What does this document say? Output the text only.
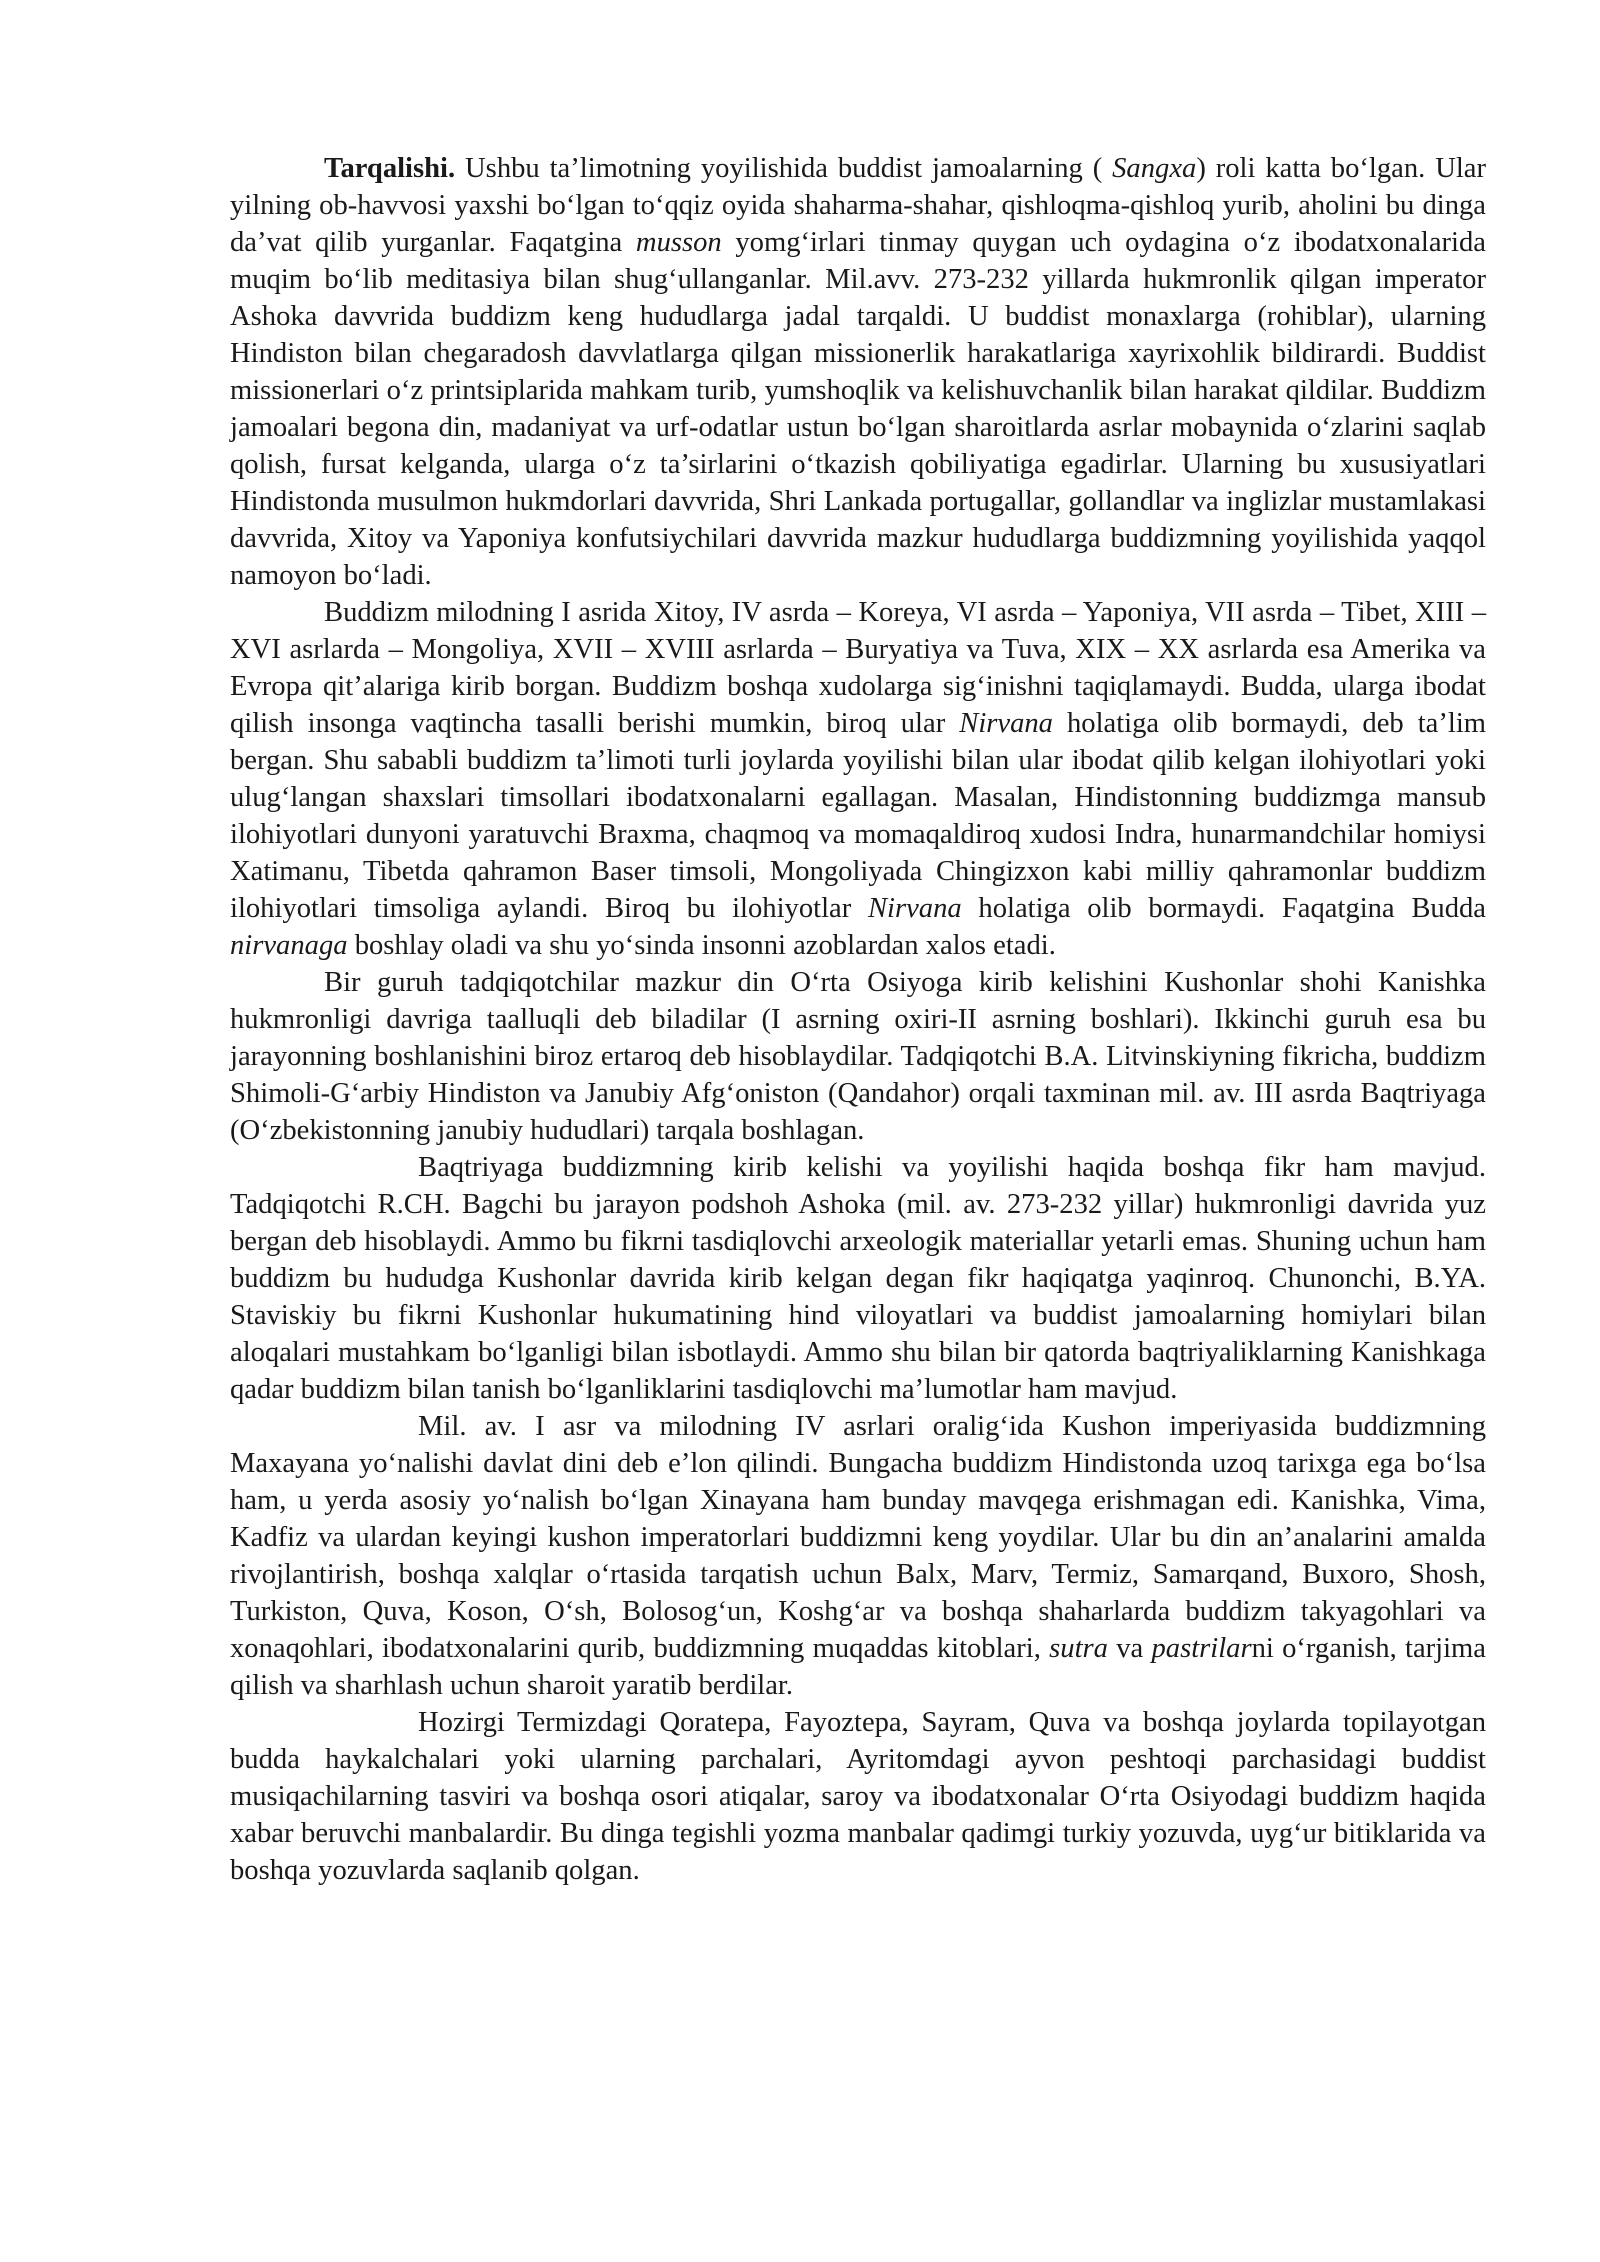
Tarqalishi. Ushbu ta’limotning yoyilishida buddist jamoalarning ( Sangxa) roli katta bo‘lgan. Ular yilning ob-havvosi yaxshi bo‘lgan to‘qqiz oyida shaharma-shahar, qishloqma-qishloq yurib, aholini bu dinga da’vat qilib yurganlar. Faqatgina musson yomg‘irlari tinmay quygan uch oydagina o‘z ibodatxonalarida muqim bo‘lib meditasiya bilan shug‘ullanganlar. Mil.avv. 273-232 yillarda hukmronlik qilgan imperator Ashoka davvrida buddizm keng hududlarga jadal tarqaldi. U buddist monaxlarga (rohiblar), ularning Hindiston bilan chegaradosh davvlatlarga qilgan missionerlik harakatlariga xayrixohlik bildirardi. Buddist missionerlari o‘z printsiplarida mahkam turib, yumshoqlik va kelishuvchanlik bilan harakat qildilar. Buddizm jamoalari begona din, madaniyat va urf-odatlar ustun bo‘lgan sharoitlarda asrlar mobaynida o‘zlarini saqlab qolish, fursat kelganda, ularga o‘z ta’sirlarini o‘tkazish qobiliyatiga egadirlar. Ularning bu xususiyatlari Hindistonda musulmon hukmdorlari davvrida, Shri Lankada portugallar, gollandlar va inglizlar mustamlakasi davvrida, Xitoy va Yaponiya konfutsiychilari davvrida mazkur hududlarga buddizmning yoyilishida yaqqol namoyon bo‘ladi.

Buddizm milodning I asrida Xitoy, IV asrda – Koreya, VI asrda – Yaponiya, VII asrda – Tibet, XIII – XVI asrlarda – Mongoliya, XVII – XVIII asrlarda – Buryatiya va Tuva, XIX – XX asrlarda esa Amerika va Evropa qit’alariga kirib borgan. Buddizm boshqa xudolarga sig‘inishni taqiqlamaydi. Budda, ularga ibodat qilish insonga vaqtincha tasalli berishi mumkin, biroq ular Nirvana holatiga olib bormaydi, deb ta’lim bergan. Shu sababli buddizm ta’limoti turli joylarda yoyilishi bilan ular ibodat qilib kelgan ilohiyotlari yoki ulug‘langan shaxslari timsollari ibodatxonalarni egallagan. Masalan, Hindistonning buddizmga mansub ilohiyotlari dunyoni yaratuvchi Braxma, chaqmoq va momaqaldiroq xudosi Indra, hunarmandchilar homiysi Xatimanu, Tibetda qahramon Baser timsoli, Mongoliyada Chingizxon kabi milliy qahramonlar buddizm ilohiyotlari timsoliga aylandi. Biroq bu ilohiyotlar Nirvana holatiga olib bormaydi. Faqatgina Budda nirvanaga boshlay oladi va shu yo‘sinda insonni azoblardan xalos etadi.

Bir guruh tadqiqotchilar mazkur din O‘rta Osiyoga kirib kelishini Kushonlar shohi Kanishka hukmronligi davriga taalluqli deb biladilar (I asrning oxiri-II asrning boshlari). Ikkinchi guruh esa bu jarayonning boshlanishini biroz ertaroq deb hisoblaydilar. Tadqiqotchi B.A. Litvinskiyning fikricha, buddizm Shimoli-G‘arbiy Hindiston va Janubiy Afg‘oniston (Qandahor) orqali taxminan mil. av. III asrda Baqtriyaga (O‘zbekistonning janubiy hududlari) tarqala boshlagan.

Baqtriyaga buddizmning kirib kelishi va yoyilishi haqida boshqa fikr ham mavjud. Tadqiqotchi R.CH. Bagchi bu jarayon podshoh Ashoka (mil. av. 273-232 yillar) hukmronligi davrida yuz bergan deb hisoblaydi. Ammo bu fikrni tasdiqlovchi arxeologik materiallar yetarli emas. Shuning uchun ham buddizm bu hududga Kushonlar davrida kirib kelgan degan fikr haqiqatga yaqinroq. Chunonchi, B.YA. Staviskiy bu fikrni Kushonlar hukumatining hind viloyatlari va buddist jamoalarning homiylari bilan aloqalari mustahkam bo‘lganligi bilan isbotlaydi. Ammo shu bilan bir qatorda baqtriyaliklarning Kanishkaga qadar buddizm bilan tanish bo‘lganliklarini tasdiqlovchi ma’lumotlar ham mavjud.

Mil. av. I asr va milodning IV asrlari oralig‘ida Kushon imperiyasida buddizmning Maxayana yo‘nalishi davlat dini deb e’lon qilindi. Bungacha buddizm Hindistonda uzoq tarixga ega bo‘lsa ham, u yerda asosiy yo‘nalish bo‘lgan Xinayana ham bunday mavqega erishmagan edi. Kanishka, Vima, Kadfiz va ulardan keyingi kushon imperatorlari buddizmni keng yoydilar. Ular bu din an’analarini amalda rivojlantirish, boshqa xalqlar o‘rtasida tarqatish uchun Balx, Marv, Termiz, Samarqand, Buxoro, Shosh, Turkiston, Quva, Koson, O‘sh, Bolosog‘un, Koshg‘ar va boshqa shaharlarda buddizm takyagohlari va xonaqohlari, ibodatxonalarini qurib, buddizmning muqaddas kitoblari, sutra va pastrilarni o‘rganish, tarjima qilish va sharhlash uchun sharoit yaratib berdilar.

Hozirgi Termizdagi Qoratepa, Fayoztepa, Sayram, Quva va boshqa joylarda topilayotgan budda haykalchalari yoki ularning parchalari, Ayritomdagi ayvon peshtoqi parchasidagi buddist musiqachilarning tasviri va boshqa osori atiqalar, saroy va ibodatxonalar O‘rta Osiyodagi buddizm haqida xabar beruvchi manbalardir. Bu dinga tegishli yozma manbalar qadimgi turkiy yozuvda, uyg‘ur bitiklarida va boshqa yozuvlarda saqlanib qolgan.
